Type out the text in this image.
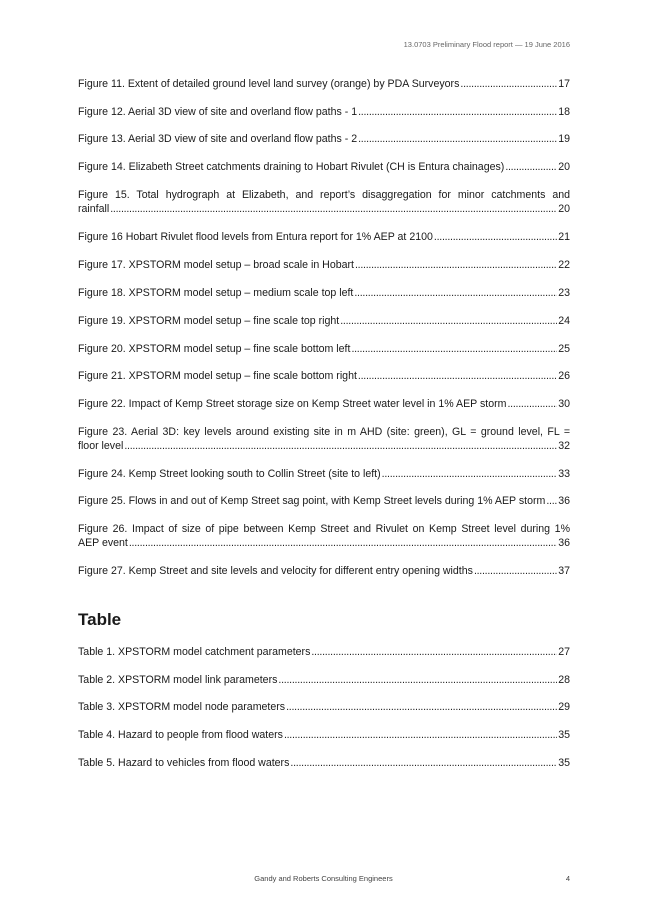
13.0703 Preliminary Flood report — 19 June 2016
Figure 11. Extent of detailed ground level land survey (orange) by PDA Surveyors . . .	17
Figure 12. Aerial 3D view of site and overland flow paths - 1 . . .	18
Figure 13. Aerial 3D view of site and overland flow paths - 2 . . .	19
Figure 14. Elizabeth Street catchments draining to Hobart Rivulet (CH is Entura chainages) . . .	20
Figure 15. Total hydrograph at Elizabeth, and report’s disaggregation for minor catchments and
rainfall . . .	20
Figure 16 Hobart Rivulet flood levels from Entura report for 1% AEP at 2100 . . .	21
Figure 17. XPSTORM model setup – broad scale in Hobart . . .	22
Figure 18. XPSTORM model setup – medium scale top left . . .	23
Figure 19. XPSTORM model setup – fine scale top right . . .	24
Figure 20. XPSTORM model setup – fine scale bottom left . . .	25
Figure 21. XPSTORM model setup – fine scale bottom right . . .	26
Figure 22. Impact of Kemp Street storage size on Kemp Street water level in 1% AEP storm . . .	30
Figure 23. Aerial 3D: key levels around existing site in m AHD (site: green), GL = ground level, FL =
floor level . . .	32
Figure 24. Kemp Street looking south to Collin Street (site to left) . . .	33
Figure 25. Flows in and out of Kemp Street sag point, with Kemp Street levels during 1% AEP storm . . . 36
Figure 26. Impact of size of pipe between Kemp Street and Rivulet on Kemp Street level during 1%
AEP event . . .	36
Figure 27. Kemp Street and site levels and velocity for different entry opening widths . . .	37
Table
Table 1. XPSTORM model catchment parameters . . .	27
Table 2. XPSTORM model link parameters . . .	28
Table 3. XPSTORM model node parameters . . .	29
Table 4. Hazard to people from flood waters . . .	35
Table 5. Hazard to vehicles from flood waters . . .	35
Gandy and Roberts Consulting Engineers	4
